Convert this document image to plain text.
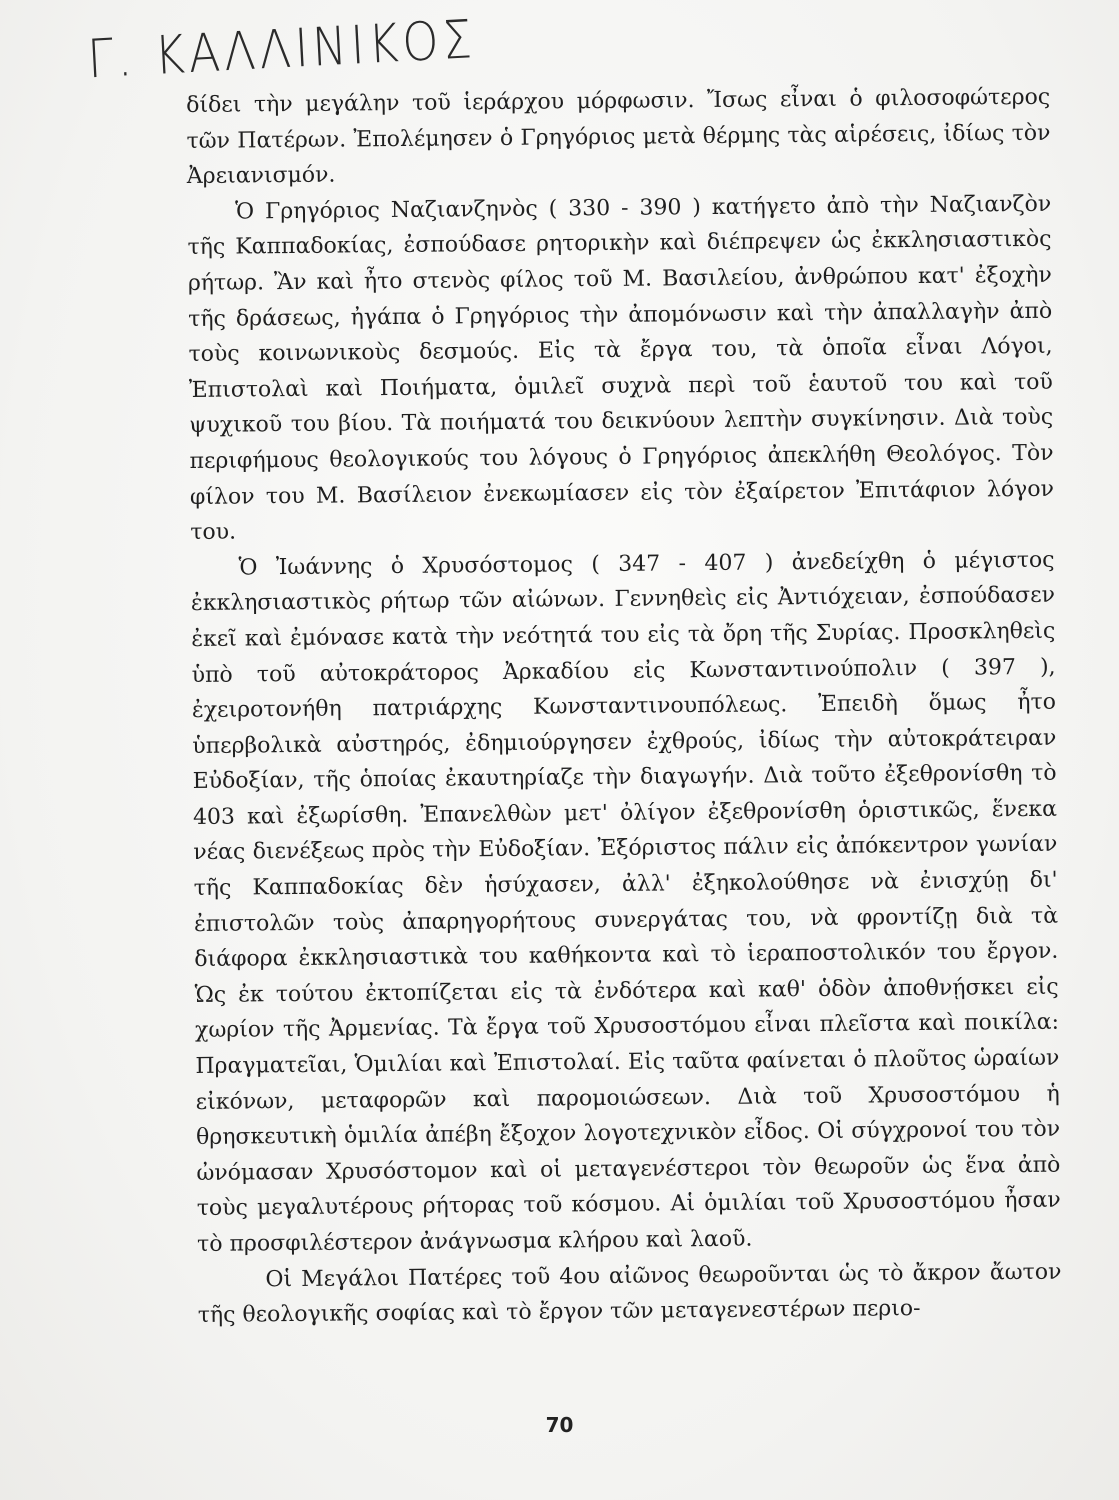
Γ. ΚΑΛΛΙΝΙΚΟΣ

δίδει τὴν μεγάλην τοῦ ἱεράρχου μόρφωσιν. Ἴσως εἶναι ὁ φιλοσοφώτερος τῶν Πατέρων. Ἐπολέμησεν ὁ Γρηγόριος μετὰ θέρμης τὰς αἱρέσεις, ἰδίως τὸν Ἀρειανισμόν.

Ὁ Γρηγόριος Ναζιανζηνὸς ( 330 - 390 ) κατήγετο ἀπὸ τὴν Ναζιανζὸν τῆς Καππαδοκίας, ἐσπούδασε ρητορικὴν καὶ διέπρεψεν ὡς ἐκκλησιαστικὸς ρήτωρ. Ἂν καὶ ἦτο στενὸς φίλος τοῦ Μ. Βασιλείου, ἀνθρώπου κατ' ἐξοχὴν τῆς δράσεως, ἠγάπα ὁ Γρηγόριος τὴν ἀπομόνωσιν καὶ τὴν ἀπαλλαγὴν ἀπὸ τοὺς κοινωνικοὺς δεσμούς. Εἰς τὰ ἔργα του, τὰ ὁποῖα εἶναι Λόγοι, Ἐπιστολαὶ καὶ Ποιήματα, ὁμιλεῖ συχνὰ περὶ τοῦ ἑαυτοῦ του καὶ τοῦ ψυχικοῦ του βίου. Τὰ ποιήματά του δεικνύουν λεπτὴν συγκίνησιν. Διὰ τοὺς περιφήμους θεολογικούς του λόγους ὁ Γρηγόριος ἀπεκλήθη Θεολόγος. Τὸν φίλον του Μ. Βασίλειον ἐνεκωμίασεν εἰς τὸν ἐξαίρετον Ἐπιτάφιον λόγον του.

Ὁ Ἰωάννης ὁ Χρυσόστομος ( 347 - 407 ) ἀνεδείχθη ὁ μέγιστος ἐκκλησιαστικὸς ρήτωρ τῶν αἰώνων. Γεννηθεὶς εἰς Ἀντιόχειαν, ἐσπούδασεν ἐκεῖ καὶ ἐμόνασε κατὰ τὴν νεότητά του εἰς τὰ ὄρη τῆς Συρίας. Προσκληθεὶς ὑπὸ τοῦ αὐτοκράτορος Ἀρκαδίου εἰς Κωνσταντινούπολιν ( 397 ), ἐχειροτονήθη πατριάρχης Κωνσταντινουπόλεως. Ἐπειδὴ ὅμως ἦτο ὑπερβολικὰ αὐστηρός, ἐδημιούργησεν ἐχθρούς, ἰδίως τὴν αὐτοκράτειραν Εὐδοξίαν, τῆς ὁποίας ἐκαυτηρίαζε τὴν διαγωγήν. Διὰ τοῦτο ἐξεθρονίσθη τὸ 403 καὶ ἐξωρίσθη. Ἐπανελθὼν μετ' ὀλίγον ἐξεθρονίσθη ὁριστικῶς, ἕνεκα νέας διενέξεως πρὸς τὴν Εὐδοξίαν. Ἐξόριστος πάλιν εἰς ἀπόκεντρον γωνίαν τῆς Καππαδοκίας δὲν ἡσύχασεν, ἀλλ' ἐξηκολούθησε νὰ ἐνισχύῃ δι' ἐπιστολῶν τοὺς ἀπαρηγορήτους συνεργάτας του, νὰ φροντίζῃ διὰ τὰ διάφορα ἐκκλησιαστικὰ του καθήκοντα καὶ τὸ ἱεραποστολικόν του ἔργον. Ὡς ἐκ τούτου ἐκτοπίζεται εἰς τὰ ἐνδότερα καὶ καθ' ὁδὸν ἀποθνῄσκει εἰς χωρίον τῆς Ἀρμενίας. Τὰ ἔργα τοῦ Χρυσοστόμου εἶναι πλεῖστα καὶ ποικίλα: Πραγματεῖαι, Ὁμιλίαι καὶ Ἐπιστολαί. Εἰς ταῦτα φαίνεται ὁ πλοῦτος ὡραίων εἰκόνων, μεταφορῶν καὶ παρομοιώσεων. Διὰ τοῦ Χρυσοστόμου ἡ θρησκευτικὴ ὁμιλία ἀπέβη ἔξοχον λογοτεχνικὸν εἶδος. Οἱ σύγχρονοί του τὸν ὠνόμασαν Χρυσόστομον καὶ οἱ μεταγενέστεροι τὸν θεωροῦν ὡς ἕνα ἀπὸ τοὺς μεγαλυτέρους ρήτορας τοῦ κόσμου. Αἱ ὁμιλίαι τοῦ Χρυσοστόμου ἦσαν τὸ προσφιλέστερον ἀνάγνωσμα κλήρου καὶ λαοῦ.

Οἱ Μεγάλοι Πατέρες τοῦ 4ου αἰῶνος θεωροῦνται ὡς τὸ ἄκρον ἄωτον τῆς θεολογικῆς σοφίας καὶ τὸ ἔργον τῶν μεταγενεστέρων περιο-

70
